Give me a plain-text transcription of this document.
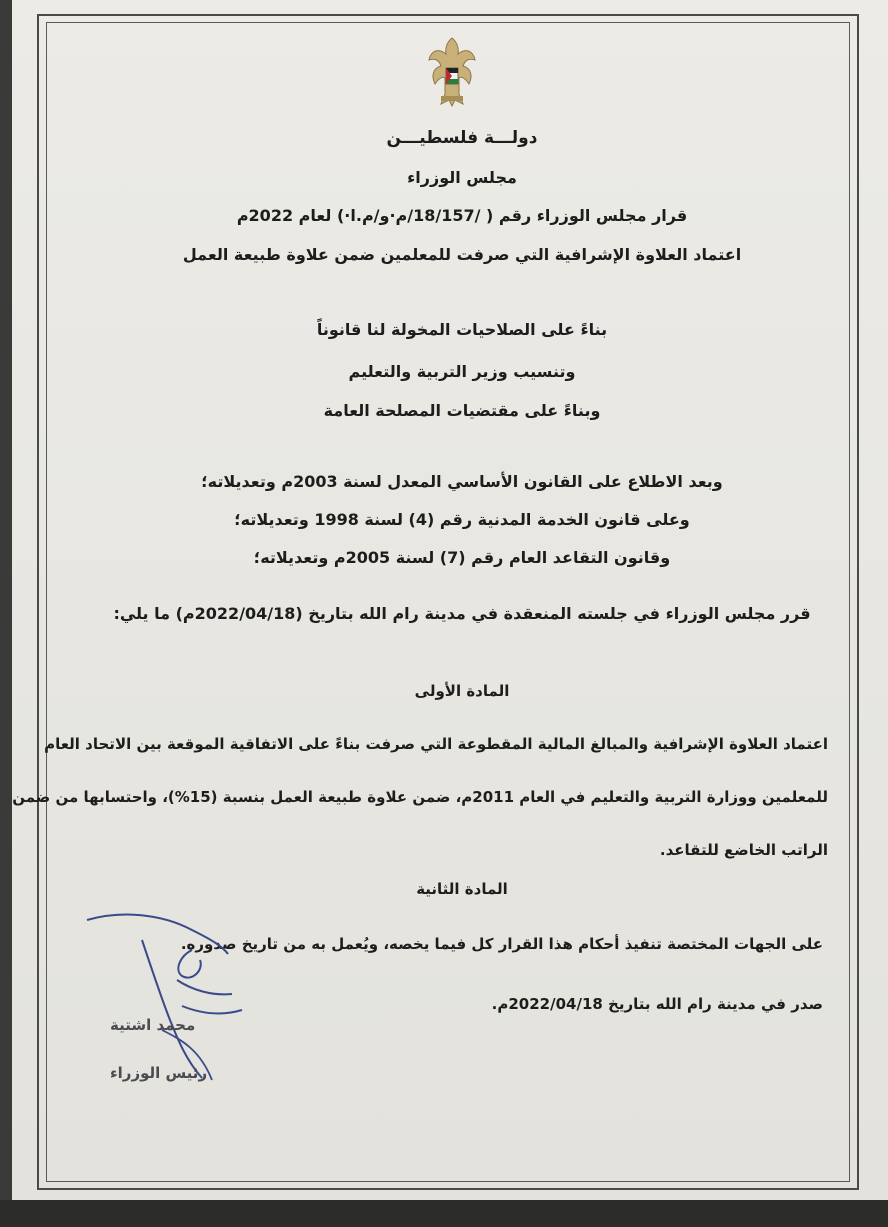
دولـــة فلسطيـــن
مجلس الوزراء
قرار مجلس الوزراء رقم ( /18/157/م·و/م.ا·) لعام 2022م
اعتماد العلاوة الإشرافية التي صرفت للمعلمين ضمن علاوة طبيعة العمل
بناءً على الصلاحيات المخولة لنا قانوناً
وتنسيب وزير التربية والتعليم
وبناءً على مقتضيات المصلحة العامة
وبعد الاطلاع على القانون الأساسي المعدل لسنة 2003م وتعديلاته؛
وعلى قانون الخدمة المدنية رقم (4) لسنة 1998 وتعديلاته؛
وقانون التقاعد العام رقم (7) لسنة 2005م وتعديلاته؛
قرر مجلس الوزراء في جلسته المنعقدة في مدينة رام الله بتاريخ (2022/04/18م) ما يلي:
المادة الأولى
اعتماد العلاوة الإشرافية والمبالغ المالية المقطوعة التي صرفت بناءً على الاتفاقية الموقعة بين الاتحاد العام
للمعلمين ووزارة التربية والتعليم في العام 2011م، ضمن علاوة طبيعة العمل بنسبة (15%)، واحتسابها من ضمن
الراتب الخاضع للتقاعد.
المادة الثانية
على الجهات المختصة تنفيذ أحكام هذا القرار كل فيما يخصه، ويُعمل به من تاريخ صدوره.
صدر في مدينة رام الله بتاريخ 2022/04/18م.
محمد اشتية
رئيس الوزراء
